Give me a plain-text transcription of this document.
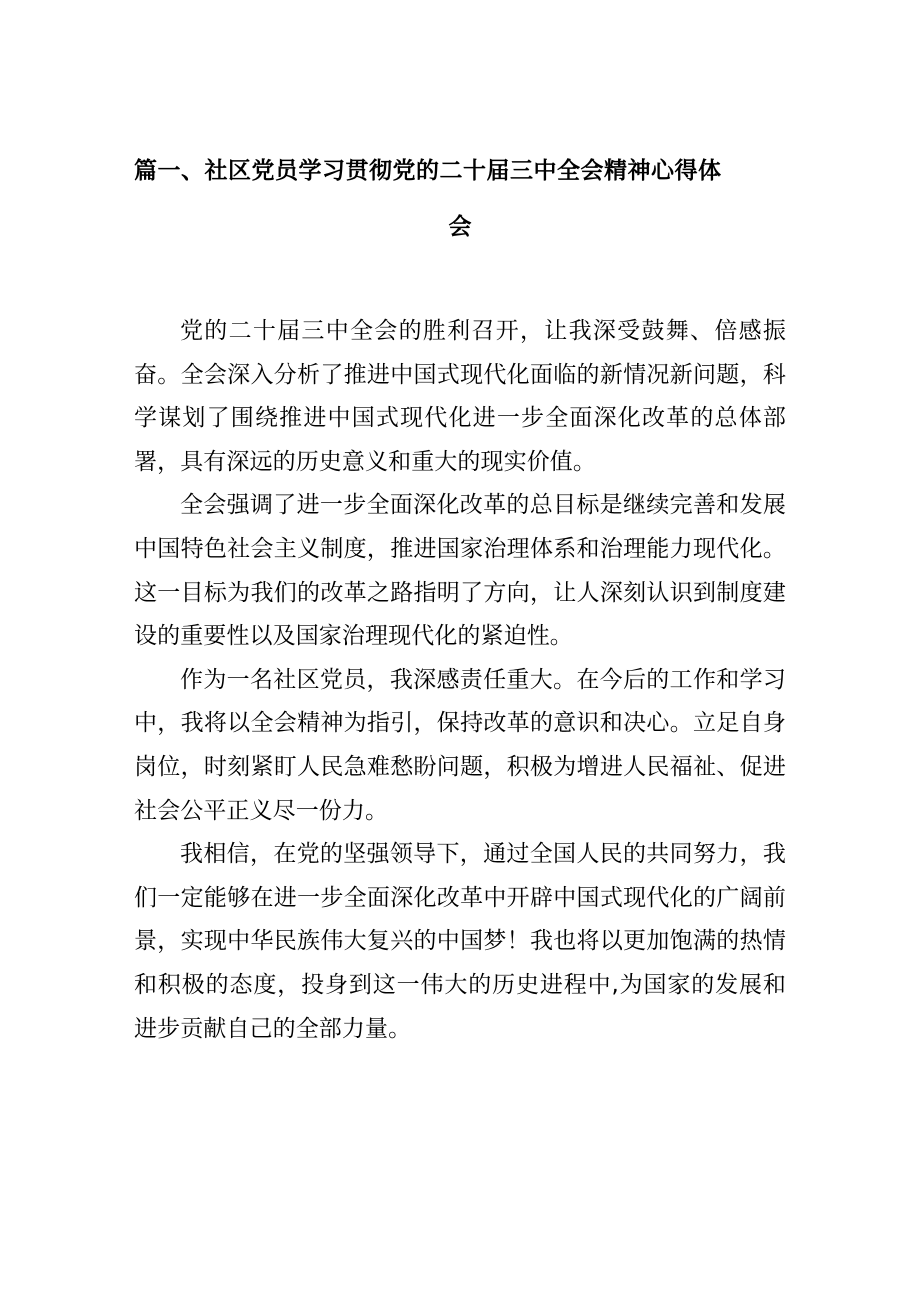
篇一、社区党员学习贯彻党的二十届三中全会精神心得体
会

党的二十届三中全会的胜利召开，让我深受鼓舞、倍感振奋。全会深入分析了推进中国式现代化面临的新情况新问题，科学谋划了围绕推进中国式现代化进一步全面深化改革的总体部署，具有深远的历史意义和重大的现实价值。

全会强调了进一步全面深化改革的总目标是继续完善和发展中国特色社会主义制度，推进国家治理体系和治理能力现代化。这一目标为我们的改革之路指明了方向，让人深刻认识到制度建设的重要性以及国家治理现代化的紧迫性。

作为一名社区党员，我深感责任重大。在今后的工作和学习中，我将以全会精神为指引，保持改革的意识和决心。立足自身岗位，时刻紧盯人民急难愁盼问题，积极为增进人民福祉、促进社会公平正义尽一份力。

我相信，在党的坚强领导下，通过全国人民的共同努力，我们一定能够在进一步全面深化改革中开辟中国式现代化的广阔前景，实现中华民族伟大复兴的中国梦！我也将以更加饱满的热情和积极的态度，投身到这一伟大的历史进程中,为国家的发展和进步贡献自己的全部力量。
